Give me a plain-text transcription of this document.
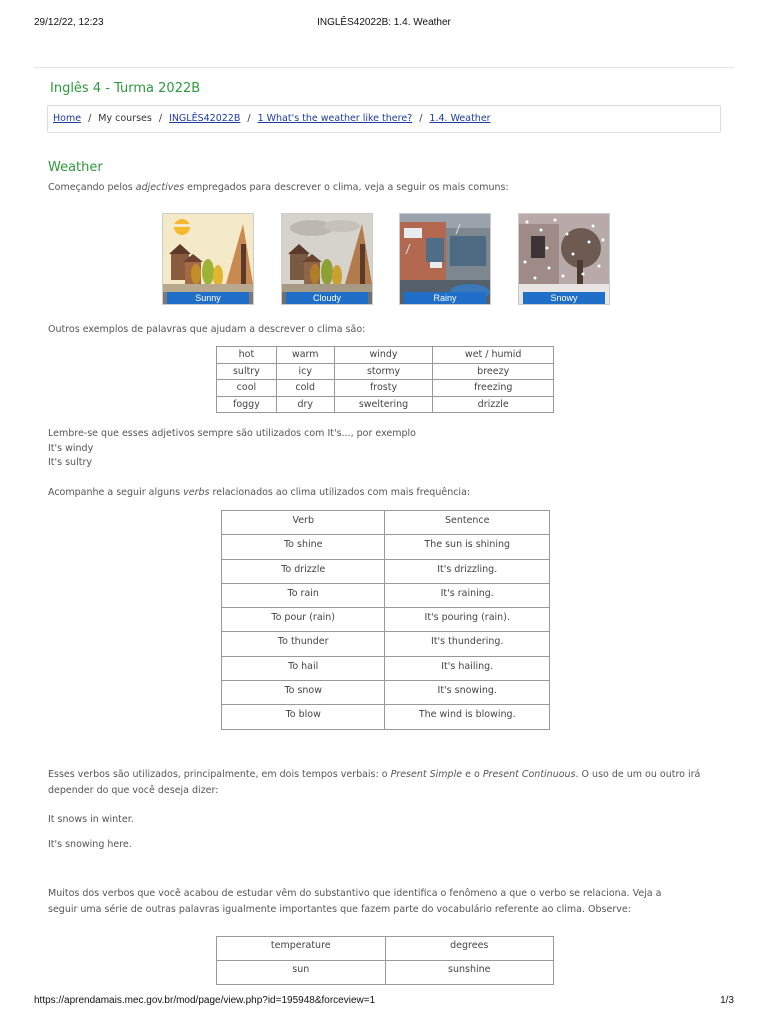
29/12/22, 12:23	INGLÊS42022B: 1.4. Weather
Inglês 4 - Turma 2022B
Home / My courses / INGLÊS42022B / 1 What's the weather like there? / 1.4. Weather
Weather
Começando pelos adjectives empregados para descrever o clima, veja a seguir os mais comuns:
Sunny	Cloudy	Rainy	Snowy
Outros exemplos de palavras que ajudam a descrever o clima são:
hot	warm	windy	wet / humid
sultry	icy	stormy	breezy
cool	cold	frosty	freezing
foggy	dry	sweltering	drizzle
Lembre-se que esses adjetivos sempre são utilizados com It's..., por exemplo
It's windy
It's sultry
Acompanhe a seguir alguns verbs relacionados ao clima utilizados com mais frequência:
Verb	Sentence
To shine	The sun is shining
To drizzle	It's drizzling.
To rain	It's raining.
To pour (rain)	It's pouring (rain).
To thunder	It's thundering.
To hail	It's hailing.
To snow	It's snowing.
To blow	The wind is blowing.
Esses verbos são utilizados, principalmente, em dois tempos verbais: o Present Simple e o Present Continuous. O uso de um ou outro irá
depender do que você deseja dizer:
It snows in winter.
It's snowing here.
Muitos dos verbos que você acabou de estudar vêm do substantivo que identifica o fenômeno a que o verbo se relaciona. Veja a
seguir uma série de outras palavras igualmente importantes que fazem parte do vocabulário referente ao clima. Observe:
temperature	degrees
sun	sunshine
https://aprendamais.mec.gov.br/mod/page/view.php?id=195948&forceview=1	1/3
